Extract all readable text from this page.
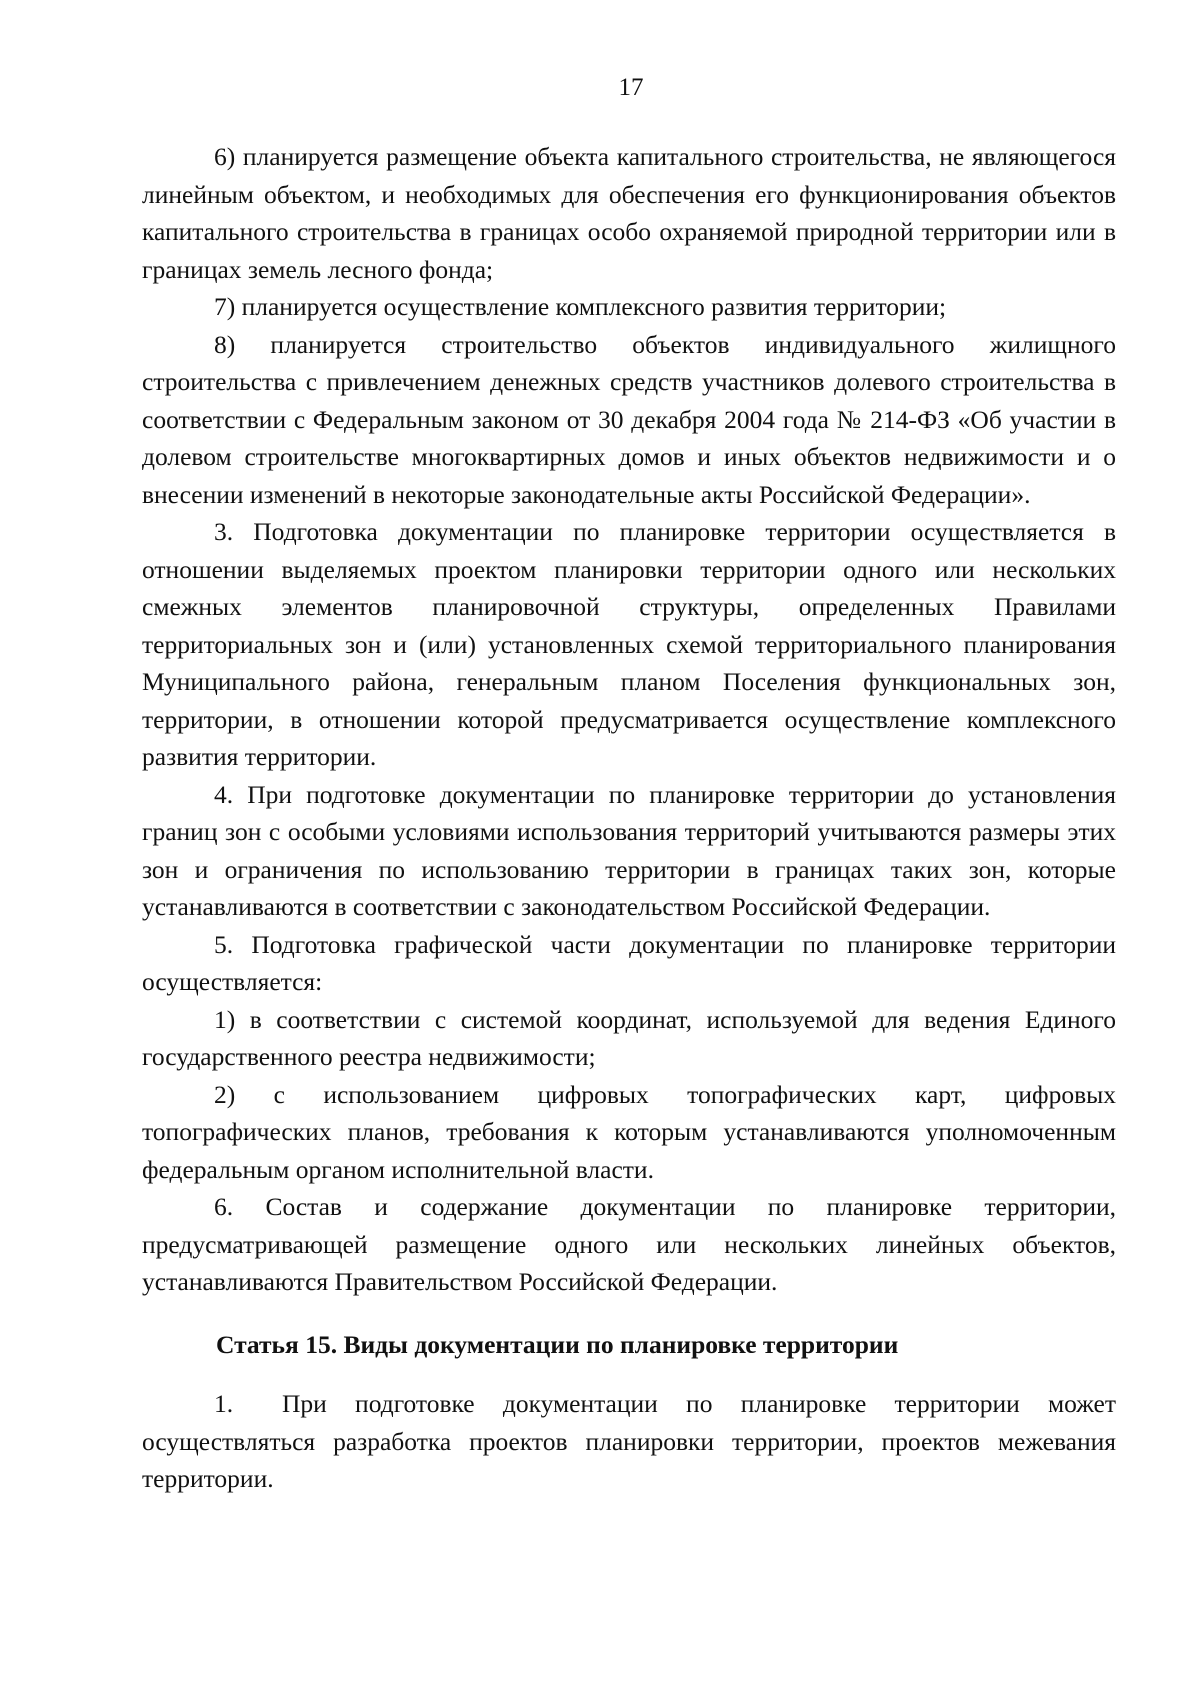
17

6) планируется размещение объекта капитального строительства, не являющегося линейным объектом, и необходимых для обеспечения его функционирования объектов капитального строительства в границах особо охраняемой природной территории или в границах земель лесного фонда;

7) планируется осуществление комплексного развития территории;

8) планируется строительство объектов индивидуального жилищного строительства с привлечением денежных средств участников долевого строительства в соответствии с Федеральным законом от 30 декабря 2004 года № 214-ФЗ «Об участии в долевом строительстве многоквартирных домов и иных объектов недвижимости и о внесении изменений в некоторые законодательные акты Российской Федерации».

3. Подготовка документации по планировке территории осуществляется в отношении выделяемых проектом планировки территории одного или нескольких смежных элементов планировочной структуры, определенных Правилами территориальных зон и (или) установленных схемой территориального планирования Муниципального района, генеральным планом Поселения функциональных зон, территории, в отношении которой предусматривается осуществление комплексного развития территории.

4. При подготовке документации по планировке территории до установления границ зон с особыми условиями использования территорий учитываются размеры этих зон и ограничения по использованию территории в границах таких зон, которые устанавливаются в соответствии с законодательством Российской Федерации.

5. Подготовка графической части документации по планировке территории осуществляется:

1) в соответствии с системой координат, используемой для ведения Единого государственного реестра недвижимости;

2) с использованием цифровых топографических карт, цифровых топографических планов, требования к которым устанавливаются уполномоченным федеральным органом исполнительной власти.

6. Состав и содержание документации по планировке территории, предусматривающей размещение одного или нескольких линейных объектов, устанавливаются Правительством Российской Федерации.

Статья 15. Виды документации по планировке территории

1. При подготовке документации по планировке территории может осуществляться разработка проектов планировки территории, проектов межевания территории.
